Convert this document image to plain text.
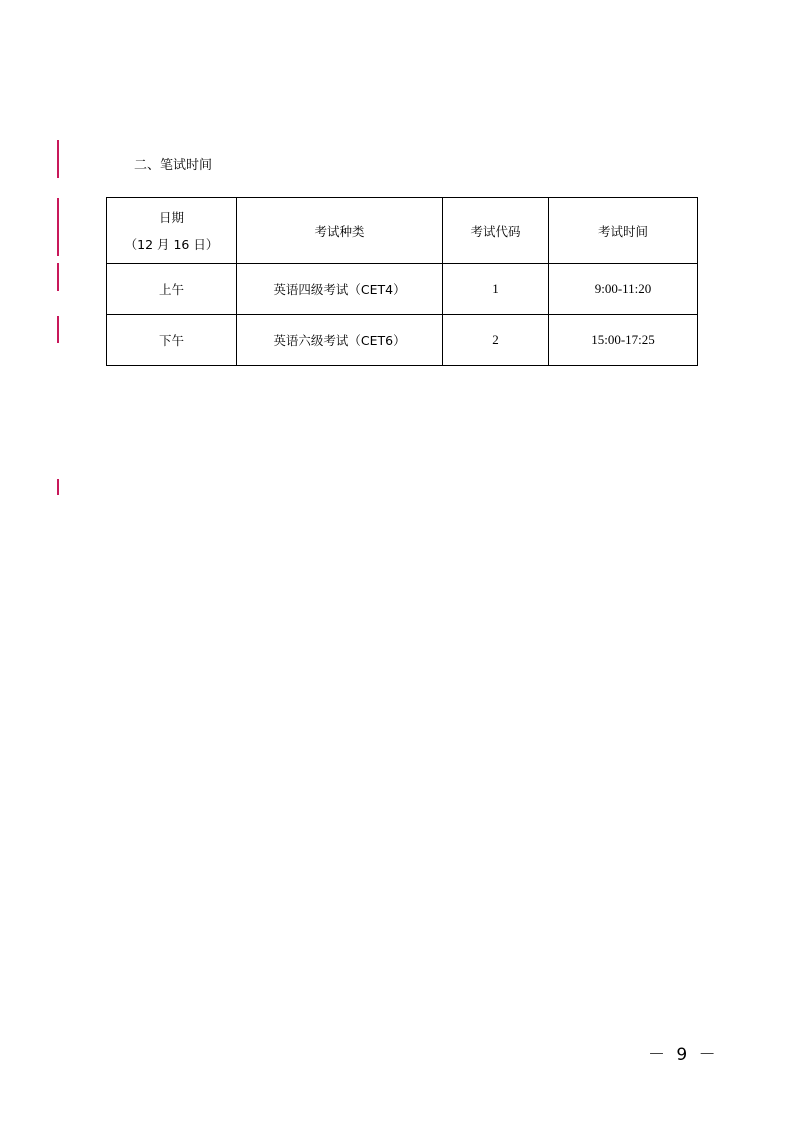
二、笔试时间
日期
（12 月 16 日）	考试种类	考试代码	考试时间
上午	英语四级考试（CET4）	1	9:00-11:20
下午	英语六级考试（CET6）	2	15:00-17:25
－ 9 －
